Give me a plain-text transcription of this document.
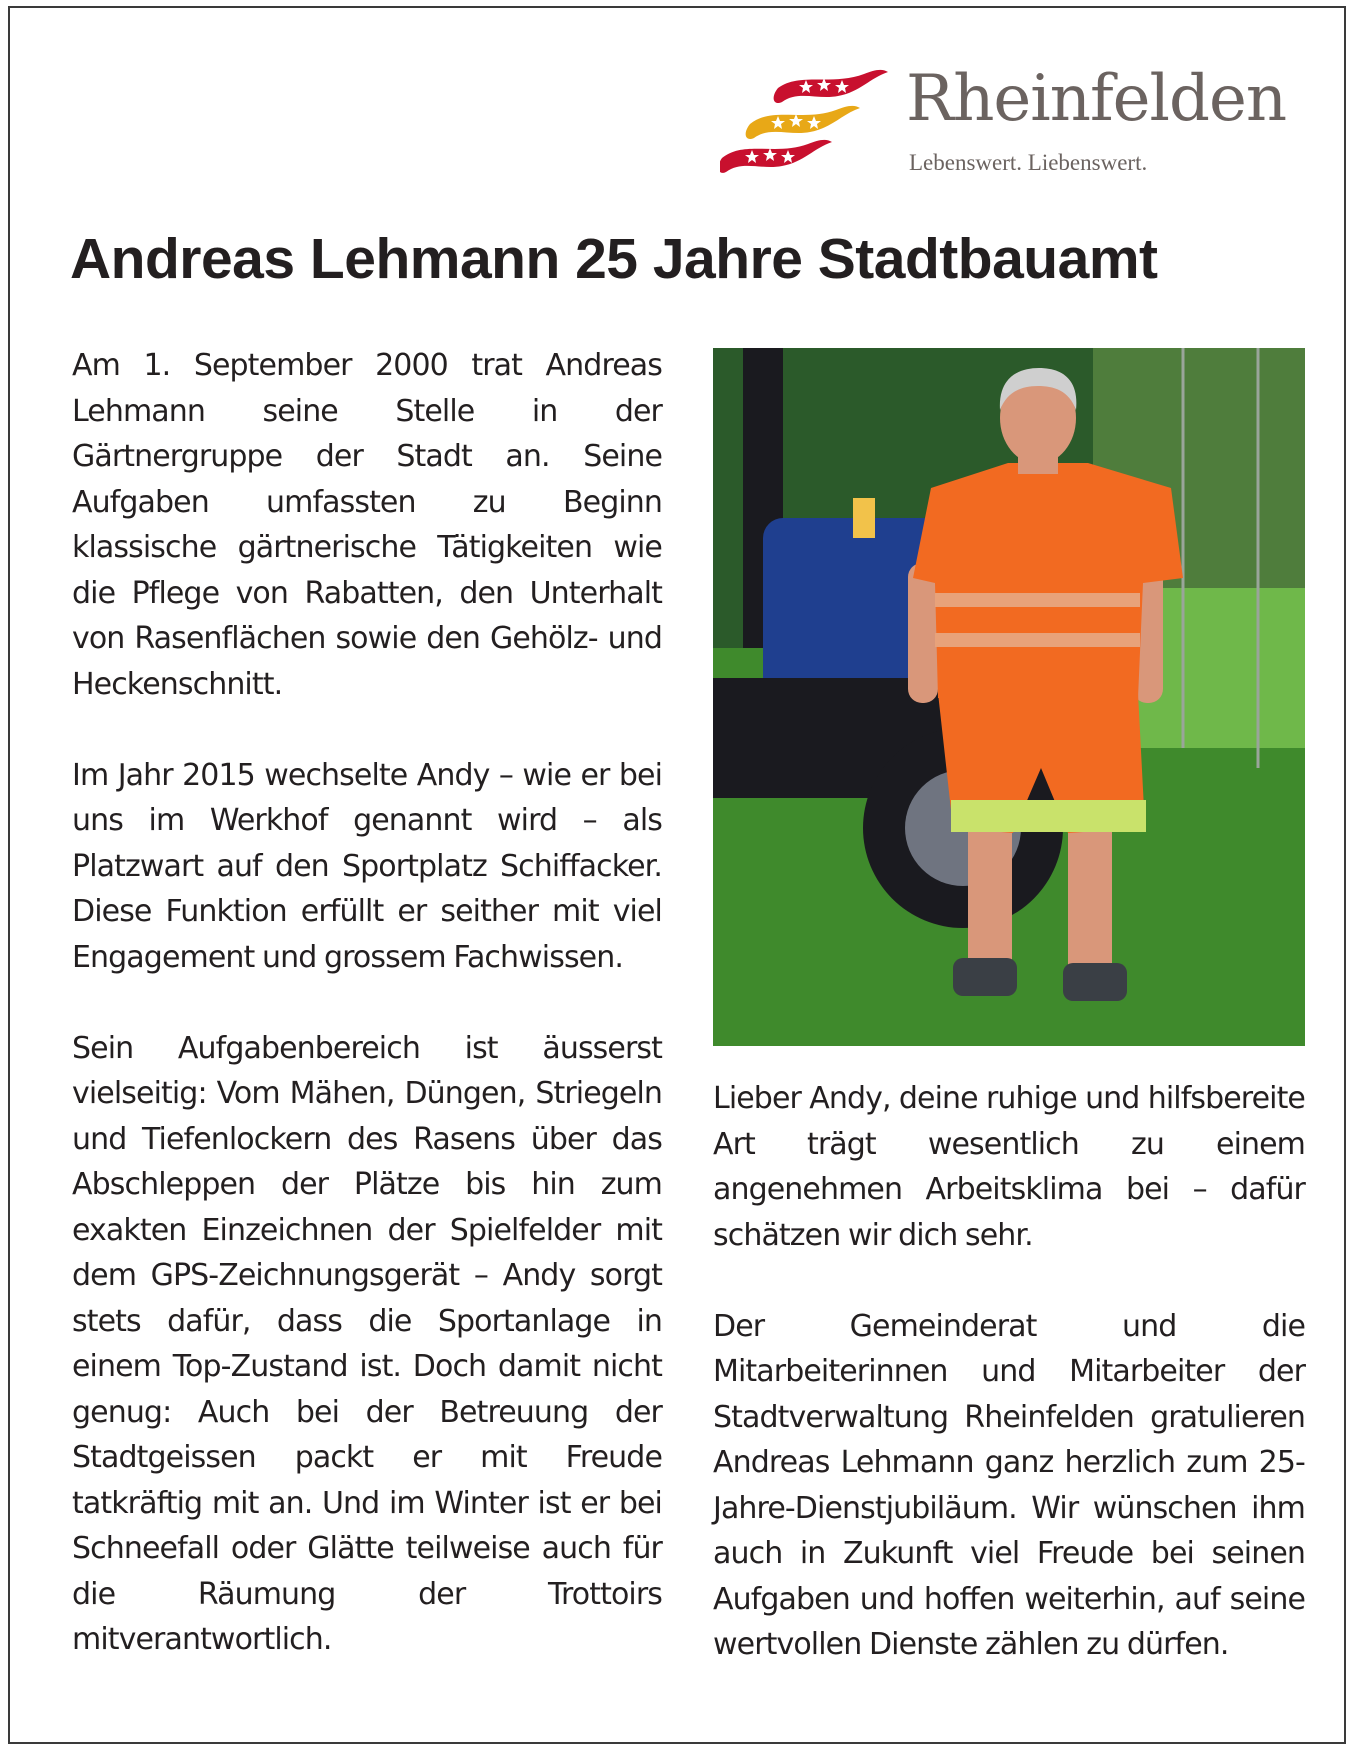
Rheinfelden
Lebenswert. Liebenswert.
Andreas Lehmann 25 Jahre Stadtbauamt

Am 1. September 2000 trat Andreas Lehmann seine Stelle in der Gärtnergruppe der Stadt an. Seine Aufgaben umfassten zu Beginn klassische gärtnerische Tätigkeiten wie die Pflege von Rabatten, den Unterhalt von Rasenflächen sowie den Gehölz- und Heckenschnitt.

Im Jahr 2015 wechselte Andy – wie er bei uns im Werkhof genannt wird – als Platzwart auf den Sportplatz Schiffacker. Diese Funktion erfüllt er seither mit viel Engagement und grossem Fachwissen.

Sein Aufgabenbereich ist äusserst vielseitig: Vom Mähen, Düngen, Striegeln und Tiefenlockern des Rasens über das Abschleppen der Plätze bis hin zum exakten Einzeichnen der Spielfelder mit dem GPS-Zeichnungsgerät – Andy sorgt stets dafür, dass die Sportanlage in einem Top-Zustand ist. Doch damit nicht genug: Auch bei der Betreuung der Stadtgeissen packt er mit Freude tatkräftig mit an. Und im Winter ist er bei Schneefall oder Glätte teilweise auch für die Räumung der Trottoirs mitverantwortlich.

Lieber Andy, deine ruhige und hilfsbereite Art trägt wesentlich zu einem angenehmen Arbeitsklima bei – dafür schätzen wir dich sehr.

Der Gemeinderat und die Mitarbeiterinnen und Mitarbeiter der Stadtverwaltung Rheinfelden gratulieren Andreas Lehmann ganz herzlich zum 25-Jahre-Dienstjubiläum. Wir wünschen ihm auch in Zukunft viel Freude bei seinen Aufgaben und hoffen weiterhin, auf seine wertvollen Dienste zählen zu dürfen.
